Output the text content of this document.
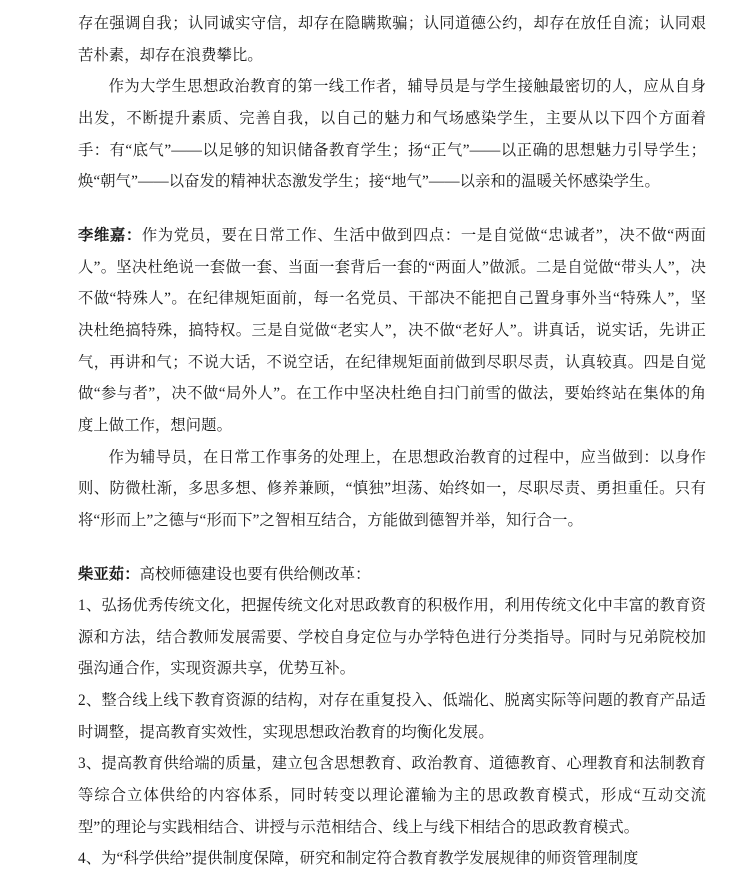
存在强调自我；认同诚实守信，却存在隐瞒欺骗；认同道德公约，却存在放任自流；认同艰苦朴素，却存在浪费攀比。

作为大学生思想政治教育的第一线工作者，辅导员是与学生接触最密切的人，应从自身出发，不断提升素质、完善自我，以自己的魅力和气场感染学生，主要从以下四个方面着手：有“底气”——以足够的知识储备教育学生；扬“正气”——以正确的思想魅力引导学生；焕“朝气”——以奋发的精神状态激发学生；接“地气”——以亲和的温暖关怀感染学生。

李维嘉：作为党员，要在日常工作、生活中做到四点：一是自觉做“忠诚者”，决不做“两面人”。坚决杜绝说一套做一套、当面一套背后一套的“两面人”做派。二是自觉做“带头人”，决不做“特殊人”。在纪律规矩面前，每一名党员、干部决不能把自己置身事外当“特殊人”，坚决杜绝搞特殊，搞特权。三是自觉做“老实人”，决不做“老好人”。讲真话，说实话，先讲正气，再讲和气；不说大话，不说空话，在纪律规矩面前做到尽职尽责，认真较真。四是自觉做“参与者”，决不做“局外人”。在工作中坚决杜绝自扫门前雪的做法，要始终站在集体的角度上做工作，想问题。

作为辅导员，在日常工作事务的处理上，在思想政治教育的过程中，应当做到：以身作则、防微杜渐，多思多想、修养兼顾，“慎独”坦荡、始终如一，尽职尽责、勇担重任。只有将“形而上”之德与“形而下”之智相互结合，方能做到德智并举，知行合一。

柴亚茹：高校师德建设也要有供给侧改革：

1、弘扬优秀传统文化，把握传统文化对思政教育的积极作用，利用传统文化中丰富的教育资源和方法，结合教师发展需要、学校自身定位与办学特色进行分类指导。同时与兄弟院校加强沟通合作，实现资源共享，优势互补。

2、整合线上线下教育资源的结构，对存在重复投入、低端化、脱离实际等问题的教育产品适时调整，提高教育实效性，实现思想政治教育的均衡化发展。

3、提高教育供给端的质量，建立包含思想教育、政治教育、道德教育、心理教育和法制教育等综合立体供给的内容体系，同时转变以理论灌输为主的思政教育模式，形成“互动交流型”的理论与实践相结合、讲授与示范相结合、线上与线下相结合的思政教育模式。

4、为“科学供给”提供制度保障，研究和制定符合教育教学发展规律的师资管理制度
